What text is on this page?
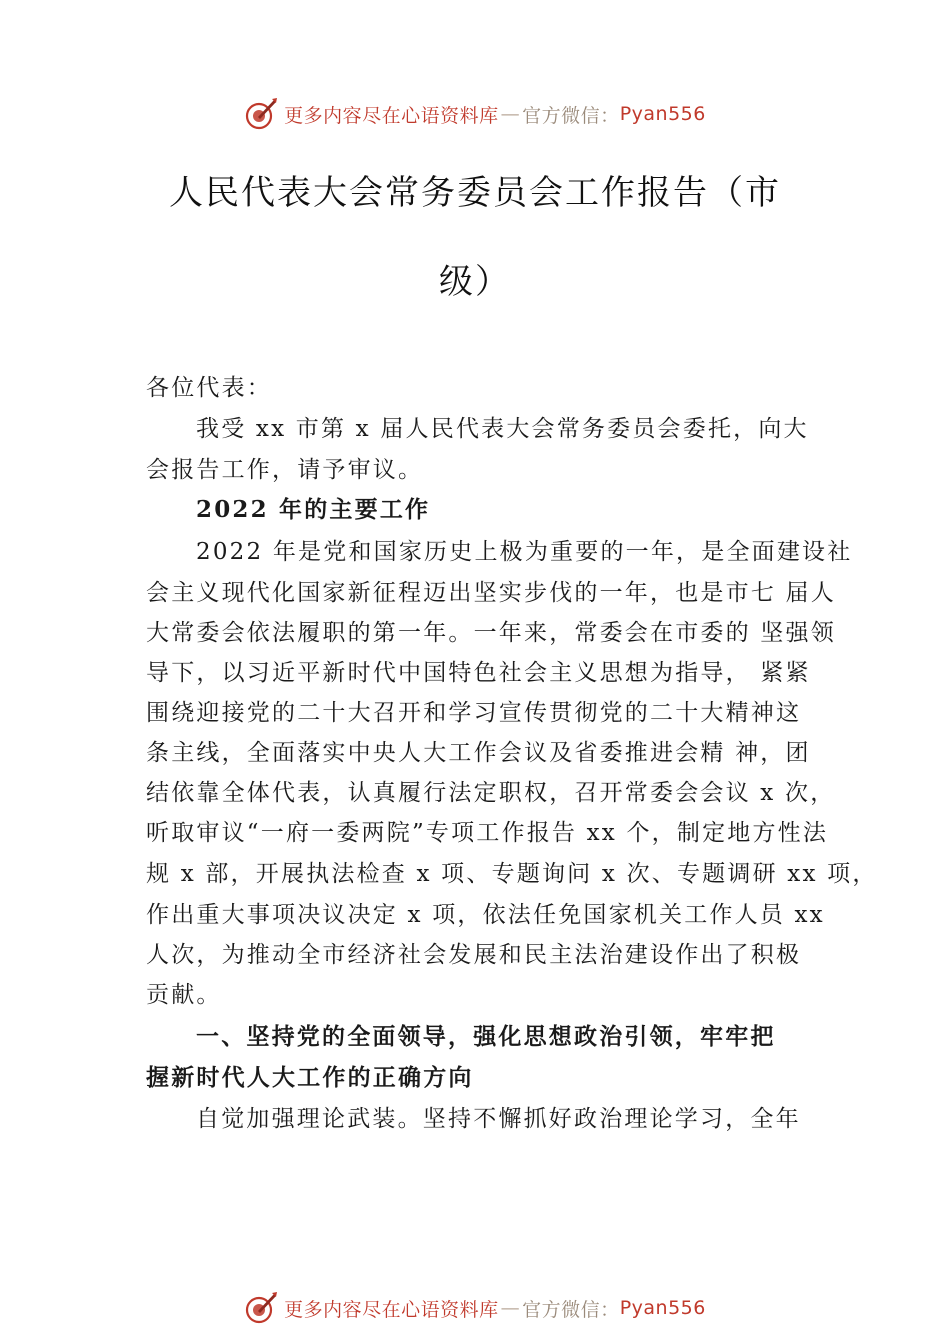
更多内容尽在心语资料库 — 官方微信： Pyan556
人民代表大会常务委员会工作报告（市
级）
各位代表：
我受 xx 市第 x 届人民代表大会常务委员会委托，向大
会报告工作，请予审议。
2022 年的主要工作
2022 年是党和国家历史上极为重要的一年，是全面建设社
会主义现代化国家新征程迈出坚实步伐的一年，也是市七 届人
大常委会依法履职的第一年。一年来，常委会在市委的 坚强领
导下，以习近平新时代中国特色社会主义思想为指导， 紧紧
围绕迎接党的二十大召开和学习宣传贯彻党的二十大精神这
条主线，全面落实中央人大工作会议及省委推进会精 神，团
结依靠全体代表，认真履行法定职权，召开常委会会议 x 次，
听取审议“一府一委两院”专项工作报告 xx 个，制定地方性法
规 x 部，开展执法检查 x 项、专题询问 x 次、专题调研 xx 项，
作出重大事项决议决定 x 项，依法任免国家机关工作人员 xx
人次，为推动全市经济社会发展和民主法治建设作出了积极
贡献。
一、坚持党的全面领导，强化思想政治引领，牢牢把
握新时代人大工作的正确方向
自觉加强理论武装。坚持不懈抓好政治理论学习，全年
更多内容尽在心语资料库 — 官方微信： Pyan556
